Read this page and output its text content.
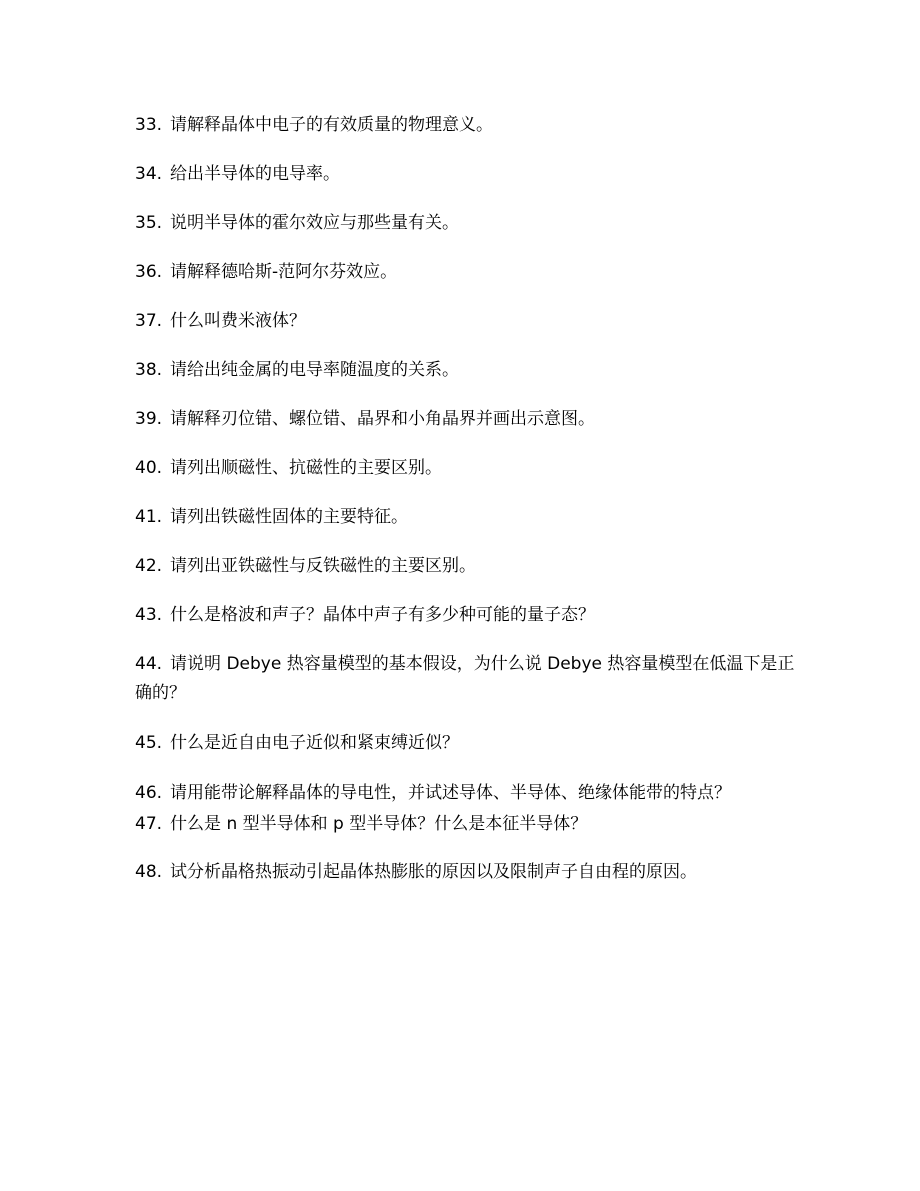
33. 请解释晶体中电子的有效质量的物理意义。
34. 给出半导体的电导率。
35. 说明半导体的霍尔效应与那些量有关。
36. 请解释德哈斯-范阿尔芬效应。
37. 什么叫费米液体？
38. 请给出纯金属的电导率随温度的关系。
39. 请解释刃位错、螺位错、晶界和小角晶界并画出示意图。
40. 请列出顺磁性、抗磁性的主要区别。
41. 请列出铁磁性固体的主要特征。
42. 请列出亚铁磁性与反铁磁性的主要区别。
43. 什么是格波和声子？晶体中声子有多少种可能的量子态？
44. 请说明 Debye 热容量模型的基本假设，为什么说 Debye 热容量模型在低温下是正确的？
45. 什么是近自由电子近似和紧束缚近似？
46. 请用能带论解释晶体的导电性，并试述导体、半导体、绝缘体能带的特点？
47. 什么是 n 型半导体和 p 型半导体？什么是本征半导体？
48. 试分析晶格热振动引起晶体热膨胀的原因以及限制声子自由程的原因。
